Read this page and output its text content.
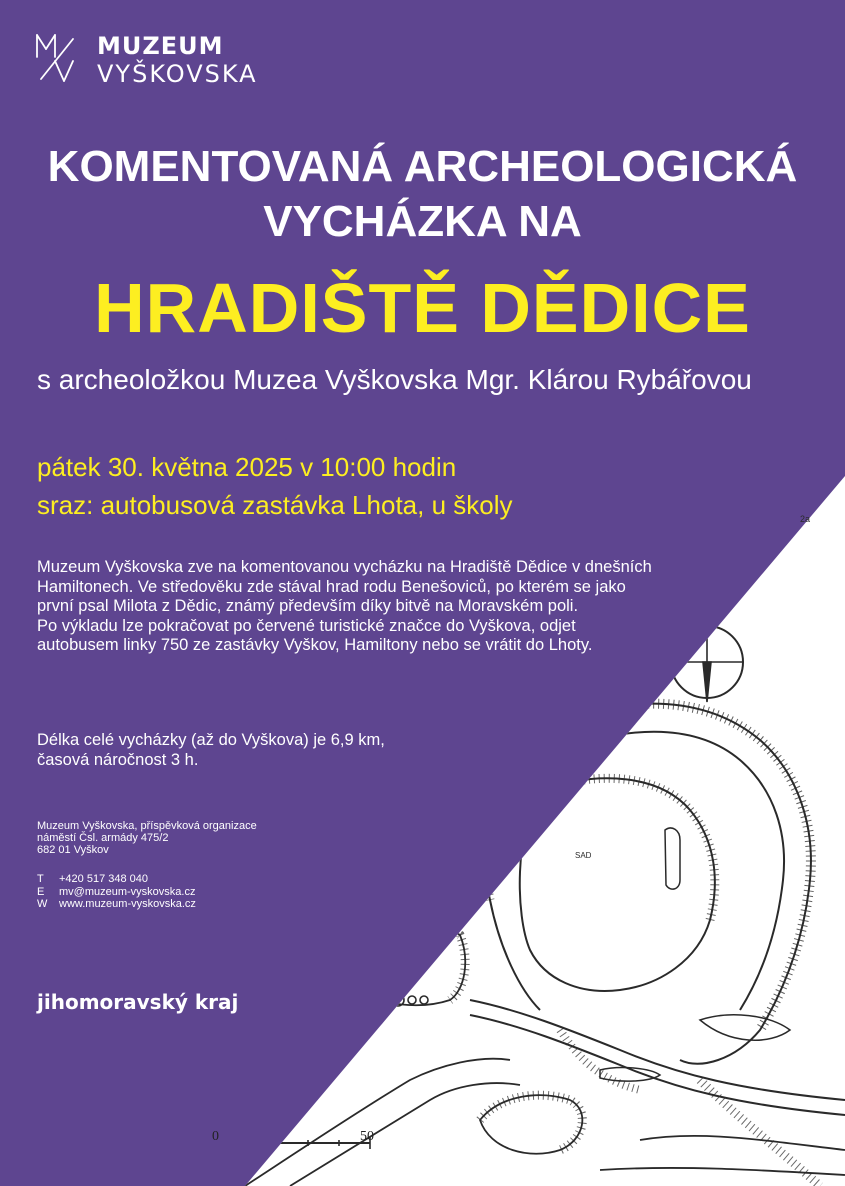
SAD
2a
0	50
MUZEUM
VYŠKOVSKA
KOMENTOVANÁ ARCHEOLOGICKÁ
VYCHÁZKA NA
HRADIŠTĚ DĚDICE
s archeoložkou Muzea Vyškovska Mgr. Klárou Rybářovou
pátek 30. května 2025 v 10:00 hodin
sraz: autobusová zastávka Lhota, u školy

Muzeum Vyškovska zve na komentovanou vycházku na Hradiště Dědice v dnešních Hamiltonech. Ve středověku zde stával hrad rodu Benešoviců, po kterém se jako první psal Milota z Dědic, známý především díky bitvě na Moravském poli.

Po výkladu lze pokračovat po červené turistické značce do Vyškova, odjet autobusem linky 750 ze zastávky Vyškov, Hamiltony nebo se vrátit do Lhoty.

Délka celé vycházky (až do Vyškova) je 6,9 km,

časová náročnost 3 h.

Muzeum Vyškovska, příspěvková organizace

náměstí Čsl. armády 475/2

682 01 Vyškov

T	+420 517 348 040
E	mv@muzeum-vyskovska.cz
W	www.muzeum-vyskovska.cz
jihomoravský kraj
